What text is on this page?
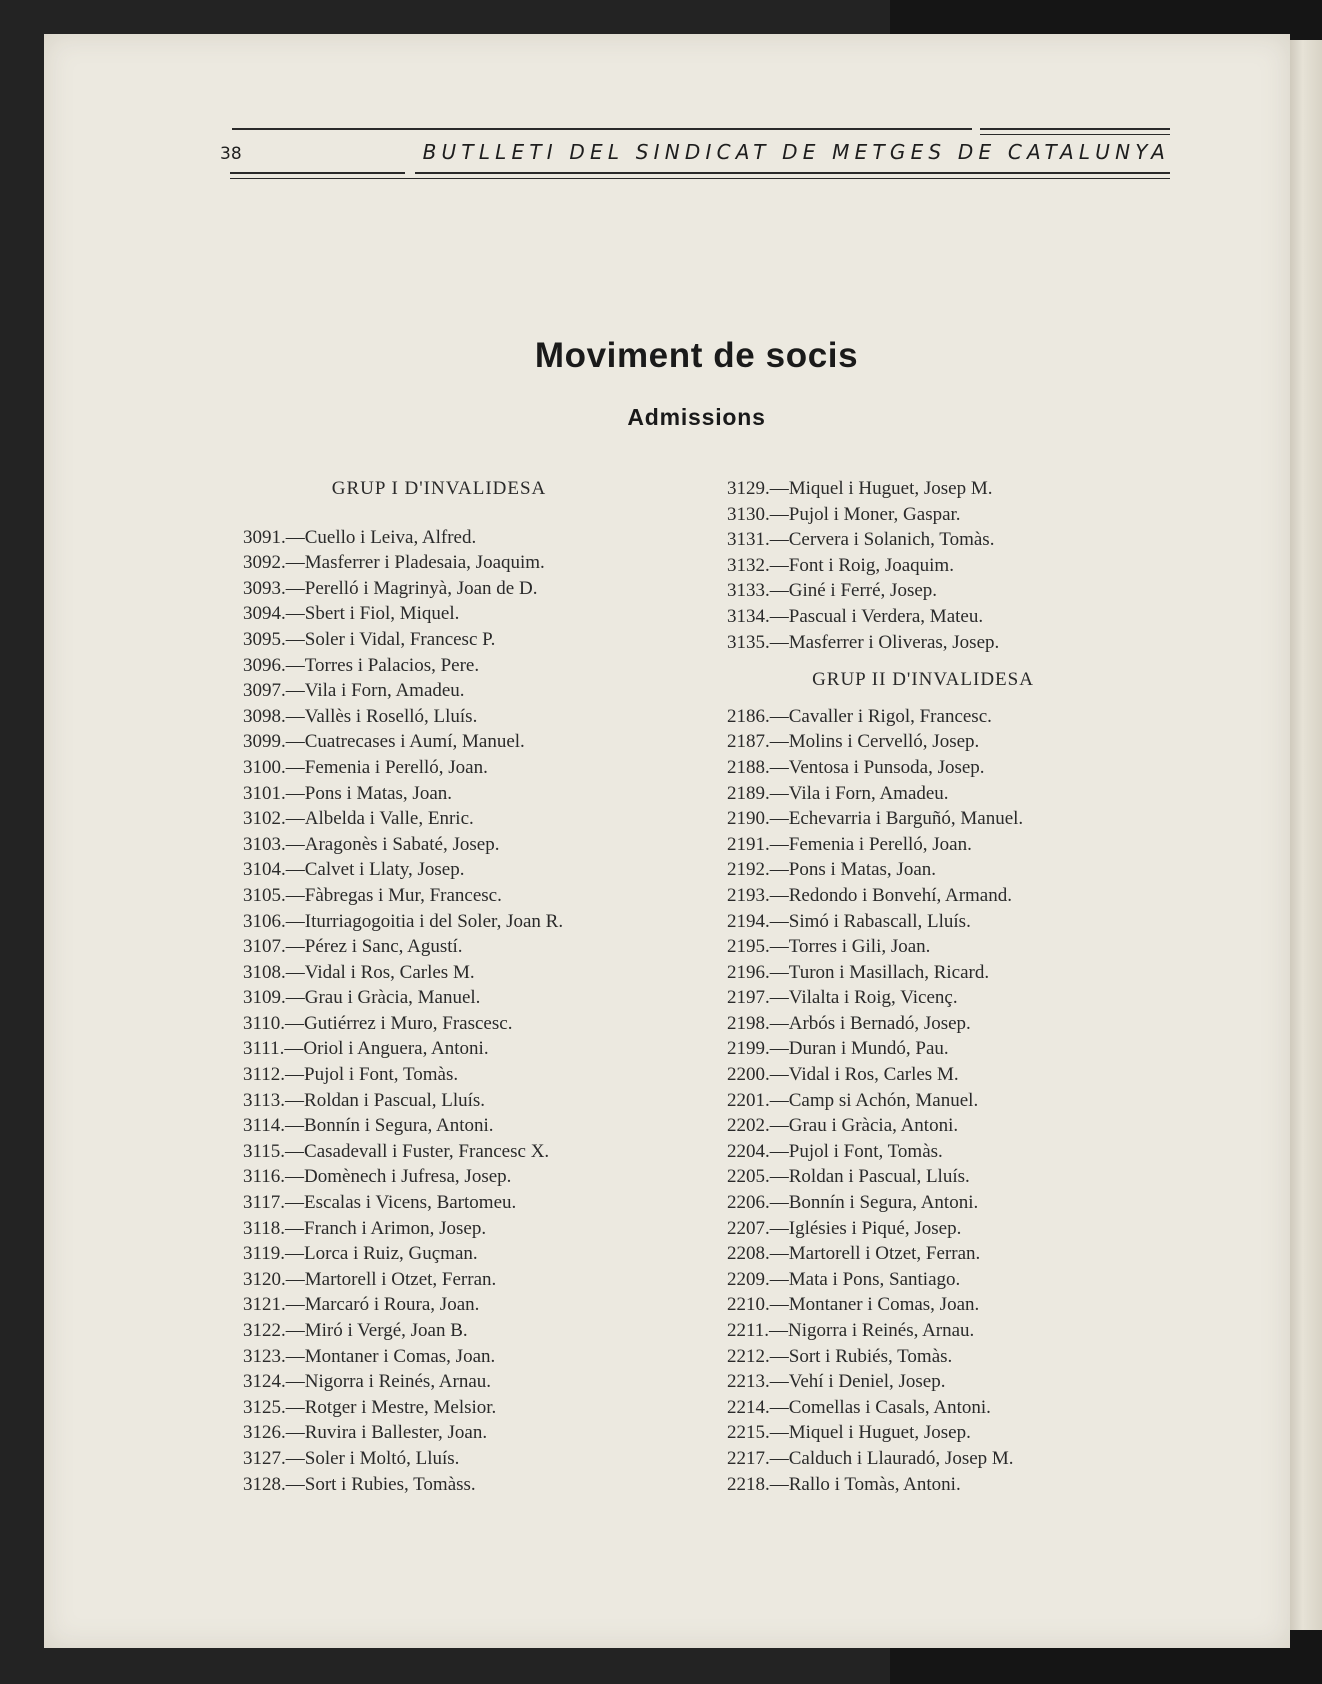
38	BUTLLETI DEL SINDICAT DE METGES DE CATALUNYA
Moviment de socis
Admissions
GRUP I D'INVALIDESA
3091.—Cuello i Leiva, Alfred.
3092.—Masferrer i Pladesaia, Joaquim.
3093.—Perelló i Magrinyà, Joan de D.
3094.—Sbert i Fiol, Miquel.
3095.—Soler i Vidal, Francesc P.
3096.—Torres i Palacios, Pere.
3097.—Vila i Forn, Amadeu.
3098.—Vallès i Roselló, Lluís.
3099.—Cuatrecases i Aumí, Manuel.
3100.—Femenia i Perelló, Joan.
3101.—Pons i Matas, Joan.
3102.—Albelda i Valle, Enric.
3103.—Aragonès i Sabaté, Josep.
3104.—Calvet i Llaty, Josep.
3105.—Fàbregas i Mur, Francesc.
3106.—Iturriagogoitia i del Soler, Joan R.
3107.—Pérez i Sanc, Agustí.
3108.—Vidal i Ros, Carles M.
3109.—Grau i Gràcia, Manuel.
3110.—Gutiérrez i Muro, Frascesc.
3111.—Oriol i Anguera, Antoni.
3112.—Pujol i Font, Tomàs.
3113.—Roldan i Pascual, Lluís.
3114.—Bonnín i Segura, Antoni.
3115.—Casadevall i Fuster, Francesc X.
3116.—Domènech i Jufresa, Josep.
3117.—Escalas i Vicens, Bartomeu.
3118.—Franch i Arimon, Josep.
3119.—Lorca i Ruiz, Guçman.
3120.—Martorell i Otzet, Ferran.
3121.—Marcaró i Roura, Joan.
3122.—Miró i Vergé, Joan B.
3123.—Montaner i Comas, Joan.
3124.—Nigorra i Reinés, Arnau.
3125.—Rotger i Mestre, Melsior.
3126.—Ruvira i Ballester, Joan.
3127.—Soler i Moltó, Lluís.
3128.—Sort i Rubies, Tomàss.
3129.—Miquel i Huguet, Josep M.
3130.—Pujol i Moner, Gaspar.
3131.—Cervera i Solanich, Tomàs.
3132.—Font i Roig, Joaquim.
3133.—Giné i Ferré, Josep.
3134.—Pascual i Verdera, Mateu.
3135.—Masferrer i Oliveras, Josep.
GRUP II D'INVALIDESA
2186.—Cavaller i Rigol, Francesc.
2187.—Molins i Cervelló, Josep.
2188.—Ventosa i Punsoda, Josep.
2189.—Vila i Forn, Amadeu.
2190.—Echevarria i Barguñó, Manuel.
2191.—Femenia i Perelló, Joan.
2192.—Pons i Matas, Joan.
2193.—Redondo i Bonvehí, Armand.
2194.—Simó i Rabascall, Lluís.
2195.—Torres i Gili, Joan.
2196.—Turon i Masillach, Ricard.
2197.—Vilalta i Roig, Vicenç.
2198.—Arbós i Bernadó, Josep.
2199.—Duran i Mundó, Pau.
2200.—Vidal i Ros, Carles M.
2201.—Camp si Achón, Manuel.
2202.—Grau i Gràcia, Antoni.
2204.—Pujol i Font, Tomàs.
2205.—Roldan i Pascual, Lluís.
2206.—Bonnín i Segura, Antoni.
2207.—Iglésies i Piqué, Josep.
2208.—Martorell i Otzet, Ferran.
2209.—Mata i Pons, Santiago.
2210.—Montaner i Comas, Joan.
2211.—Nigorra i Reinés, Arnau.
2212.—Sort i Rubiés, Tomàs.
2213.—Vehí i Deniel, Josep.
2214.—Comellas i Casals, Antoni.
2215.—Miquel i Huguet, Josep.
2217.—Calduch i Llauradó, Josep M.
2218.—Rallo i Tomàs, Antoni.
